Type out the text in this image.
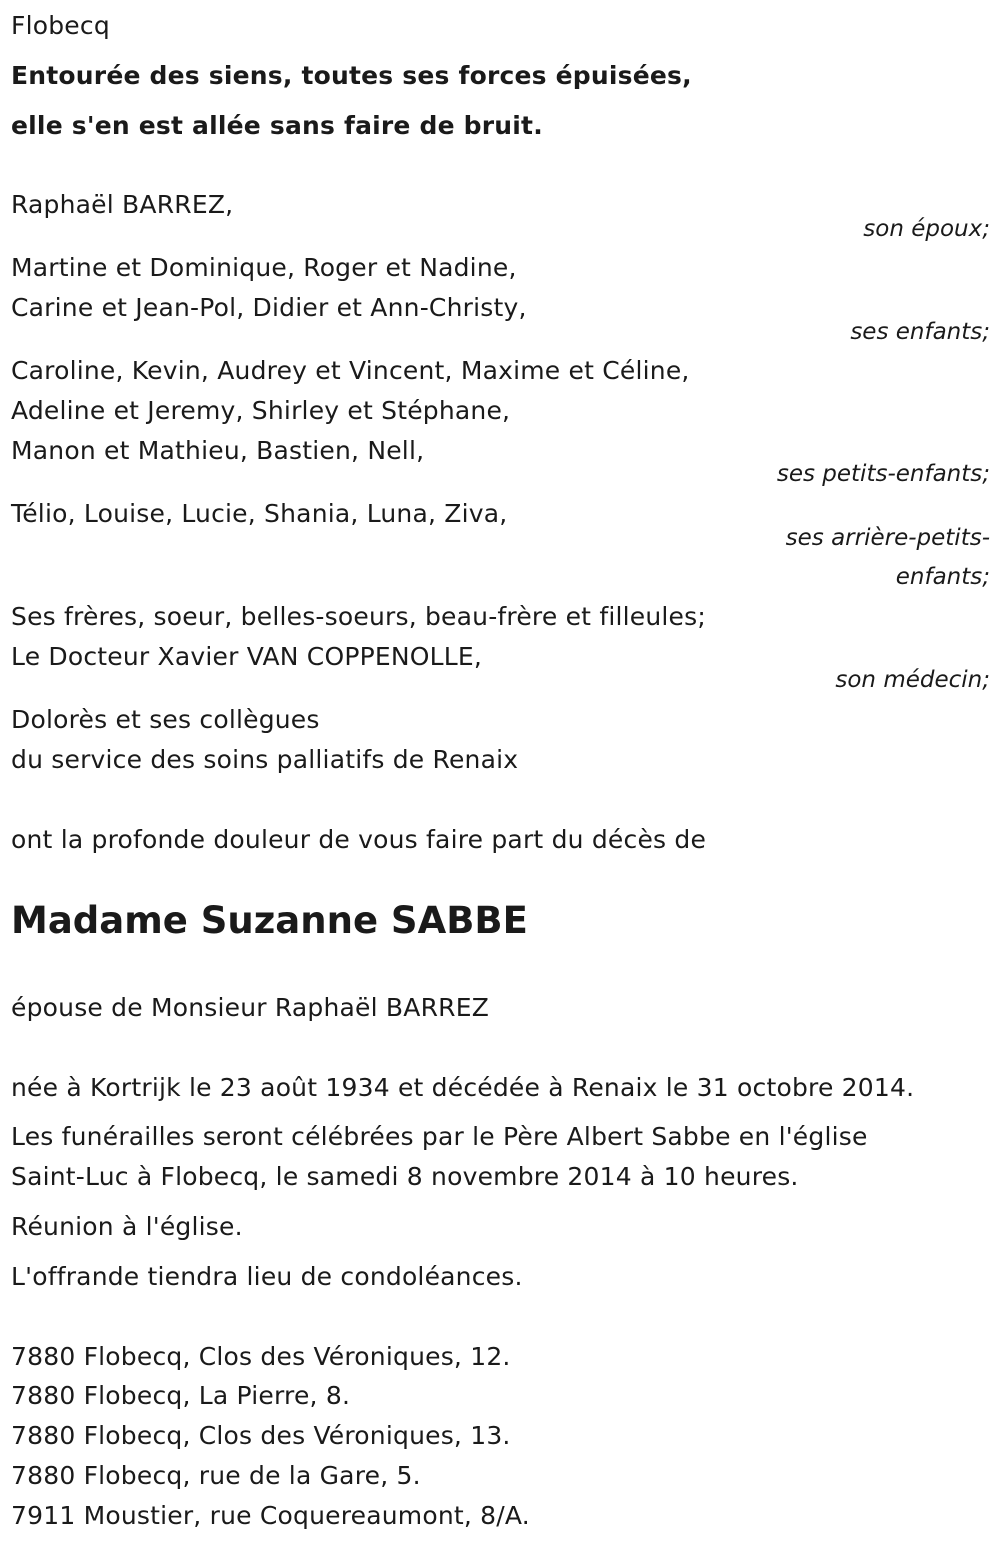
Flobecq

Entourée des siens, toutes ses forces épuisées,

elle s'en est allée sans faire de bruit.

Raphaël BARREZ,

son époux;

Martine et Dominique, Roger et Nadine,

Carine et Jean-Pol, Didier et Ann-Christy,

ses enfants;

Caroline, Kevin, Audrey et Vincent, Maxime et Céline,

Adeline et Jeremy, Shirley et Stéphane,

Manon et Mathieu, Bastien, Nell,

ses petits-enfants;

Télio, Louise, Lucie, Shania, Luna, Ziva,

ses arrière-petits-

enfants;

Ses frères, soeur, belles-soeurs, beau-frère et filleules;

Le Docteur Xavier VAN COPPENOLLE,

son médecin;

Dolorès et ses collègues

du service des soins palliatifs de Renaix

ont la profonde douleur de vous faire part du décès de

Madame Suzanne SABBE

épouse de Monsieur Raphaël BARREZ

née à Kortrijk le 23 août 1934 et décédée à Renaix le 31 octobre 2014.

Les funérailles seront célébrées par le Père Albert Sabbe en l'église

Saint-Luc à Flobecq, le samedi 8 novembre 2014 à 10 heures.

Réunion à l'église.

L'offrande tiendra lieu de condoléances.

7880 Flobecq, Clos des Véroniques, 12.

7880 Flobecq, La Pierre, 8.

7880 Flobecq, Clos des Véroniques, 13.

7880 Flobecq, rue de la Gare, 5.

7911 Moustier, rue Coquereaumont, 8/A.
